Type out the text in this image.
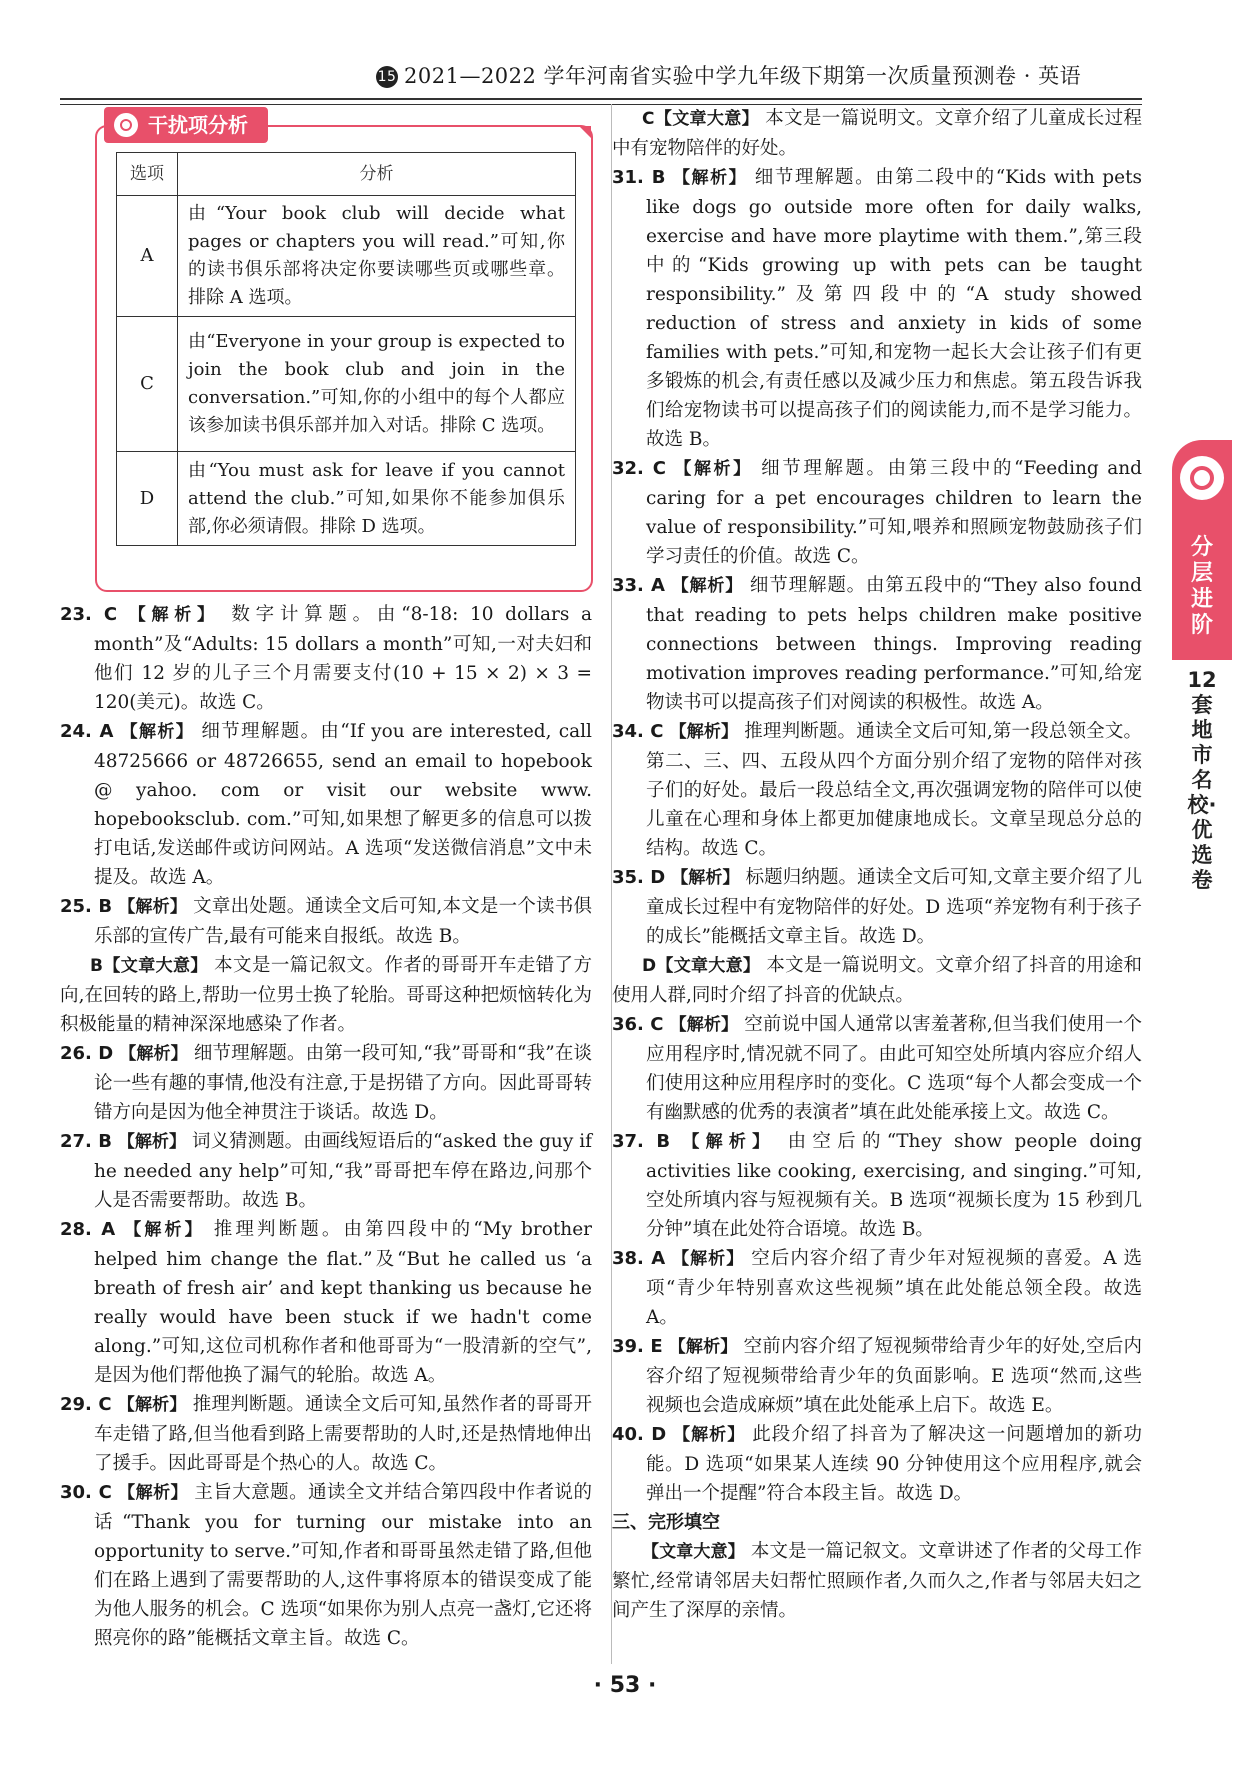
15 2021—2022 学年河南省实验中学九年级下期第一次质量预测卷 · 英语
干扰项分析
选项	分析
A	由“Your book club will decide what pages or chapters you will read.”可知,你的读书俱乐部将决定你要读哪些页或哪些章。排除 A 选项。
C	由“Everyone in your group is expected to join the book club and join in the conversation.”可知,你的小组中的每个人都应该参加读书俱乐部并加入对话。排除 C 选项。
D	由“You must ask for leave if you cannot attend the club.”可知,如果你不能参加俱乐部,你必须请假。排除 D 选项。

23. C 【解析】 数字计算题。由“8-18: 10 dollars a month”及“Adults: 15 dollars a month”可知,一对夫妇和他们 12 岁的儿子三个月需要支付(10 + 15 × 2) × 3 = 120(美元)。故选 C。

24. A 【解析】 细节理解题。由“If you are interested, call 48725666 or 48726655, send an email to hopebook @ yahoo. com or visit our website www. hopebooksclub. com.”可知,如果想了解更多的信息可以拨打电话,发送邮件或访问网站。A 选项“发送微信消息”文中未提及。故选 A。

25. B 【解析】 文章出处题。通读全文后可知,本文是一个读书俱乐部的宣传广告,最有可能来自报纸。故选 B。

B【文章大意】 本文是一篇记叙文。作者的哥哥开车走错了方向,在回转的路上,帮助一位男士换了轮胎。哥哥这种把烦恼转化为积极能量的精神深深地感染了作者。

26. D 【解析】 细节理解题。由第一段可知,“我”哥哥和“我”在谈论一些有趣的事情,他没有注意,于是拐错了方向。因此哥哥转错方向是因为他全神贯注于谈话。故选 D。

27. B 【解析】 词义猜测题。由画线短语后的“asked the guy if he needed any help”可知,“我”哥哥把车停在路边,问那个人是否需要帮助。故选 B。

28. A 【解析】 推理判断题。由第四段中的“My brother helped him change the flat.”及“But he called us ‘a breath of fresh air’ and kept thanking us because he really would have been stuck if we hadn't come along.”可知,这位司机称作者和他哥哥为“一股清新的空气”,是因为他们帮他换了漏气的轮胎。故选 A。

29. C 【解析】 推理判断题。通读全文后可知,虽然作者的哥哥开车走错了路,但当他看到路上需要帮助的人时,还是热情地伸出了援手。因此哥哥是个热心的人。故选 C。

30. C 【解析】 主旨大意题。通读全文并结合第四段中作者说的话“Thank you for turning our mistake into an opportunity to serve.”可知,作者和哥哥虽然走错了路,但他们在路上遇到了需要帮助的人,这件事将原本的错误变成了能为他人服务的机会。C 选项“如果你为别人点亮一盏灯,它还将照亮你的路”能概括文章主旨。故选 C。

C【文章大意】 本文是一篇说明文。文章介绍了儿童成长过程中有宠物陪伴的好处。

31. B 【解析】 细节理解题。由第二段中的“Kids with pets like dogs go outside more often for daily walks, exercise and have more playtime with them.”,第三段中的“Kids growing up with pets can be taught responsibility.”及第四段中的“A study showed reduction of stress and anxiety in kids of some families with pets.”可知,和宠物一起长大会让孩子们有更多锻炼的机会,有责任感以及减少压力和焦虑。第五段告诉我们给宠物读书可以提高孩子们的阅读能力,而不是学习能力。故选 B。

32. C 【解析】 细节理解题。由第三段中的“Feeding and caring for a pet encourages children to learn the value of responsibility.”可知,喂养和照顾宠物鼓励孩子们学习责任的价值。故选 C。

33. A 【解析】 细节理解题。由第五段中的“They also found that reading to pets helps children make positive connections between things. Improving reading motivation improves reading performance.”可知,给宠物读书可以提高孩子们对阅读的积极性。故选 A。

34. C 【解析】 推理判断题。通读全文后可知,第一段总领全文。第二、三、四、五段从四个方面分别介绍了宠物的陪伴对孩子们的好处。最后一段总结全文,再次强调宠物的陪伴可以使儿童在心理和身体上都更加健康地成长。文章呈现总分总的结构。故选 C。

35. D 【解析】 标题归纳题。通读全文后可知,文章主要介绍了儿童成长过程中有宠物陪伴的好处。D 选项“养宠物有利于孩子的成长”能概括文章主旨。故选 D。

D【文章大意】 本文是一篇说明文。文章介绍了抖音的用途和使用人群,同时介绍了抖音的优缺点。

36. C 【解析】 空前说中国人通常以害羞著称,但当我们使用一个应用程序时,情况就不同了。由此可知空处所填内容应介绍人们使用这种应用程序时的变化。C 选项“每个人都会变成一个有幽默感的优秀的表演者”填在此处能承接上文。故选 C。

37. B 【解析】 由空后的“They show people doing activities like cooking, exercising, and singing.”可知,空处所填内容与短视频有关。B 选项“视频长度为 15 秒到几分钟”填在此处符合语境。故选 B。

38. A 【解析】 空后内容介绍了青少年对短视频的喜爱。A 选项“青少年特别喜欢这些视频”填在此处能总领全段。故选 A。

39. E 【解析】 空前内容介绍了短视频带给青少年的好处,空后内容介绍了短视频带给青少年的负面影响。E 选项“然而,这些视频也会造成麻烦”填在此处能承上启下。故选 E。

40. D 【解析】 此段介绍了抖音为了解决这一问题增加的新功能。D 选项“如果某人连续 90 分钟使用这个应用程序,就会弹出一个提醒”符合本段主旨。故选 D。

三、完形填空

【文章大意】 本文是一篇记叙文。文章讲述了作者的父母工作繁忙,经常请邻居夫妇帮忙照顾作者,久而久之,作者与邻居夫妇之间产生了深厚的亲情。

分层进阶
12套地市名校·优选卷
· 53 ·
